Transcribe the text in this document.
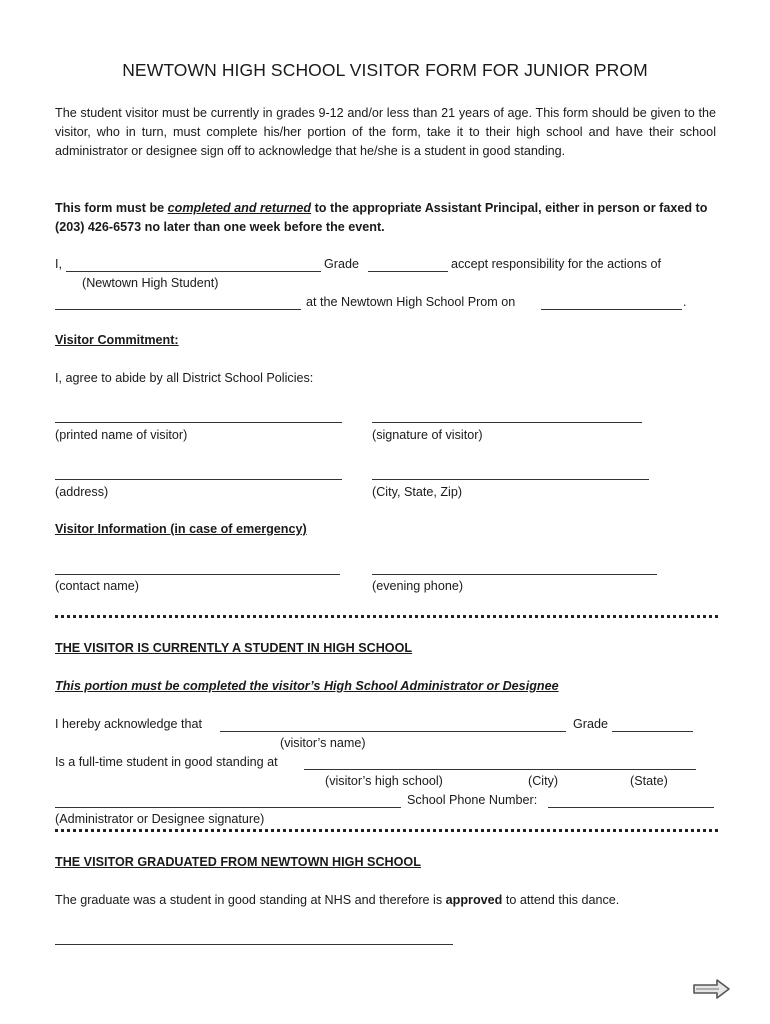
NEWTOWN HIGH SCHOOL VISITOR FORM FOR JUNIOR PROM
The student visitor must be currently in grades 9-12 and/or less than 21 years of age. This form should be given to the visitor, who in turn, must complete his/her portion of the form, take it to their high school and have their school administrator or designee sign off to acknowledge that he/she is a student in good standing.
This form must be completed and returned to the appropriate Assistant Principal, either in person or faxed to (203) 426-6573 no later than one week before the event.
I,	Grade	accept responsibility for the actions of
(Newtown High Student)
at the Newtown High School Prom on	.
Visitor Commitment:
I, agree to abide by all District School Policies:
(printed name of visitor)	(signature of visitor)
(address)	(City, State, Zip)
Visitor Information (in case of emergency)
(contact name)	(evening phone)
THE VISITOR IS CURRENTLY A STUDENT IN HIGH SCHOOL
This portion must be completed the visitor’s High School Administrator or Designee
I hereby acknowledge that	Grade
(visitor’s name)
Is a full-time student in good standing at
(visitor’s high school)	(City)	(State)
School Phone Number:
(Administrator or Designee signature)
THE VISITOR GRADUATED FROM NEWTOWN HIGH SCHOOL
The graduate was a student in good standing at NHS and therefore is approved to attend this dance.
